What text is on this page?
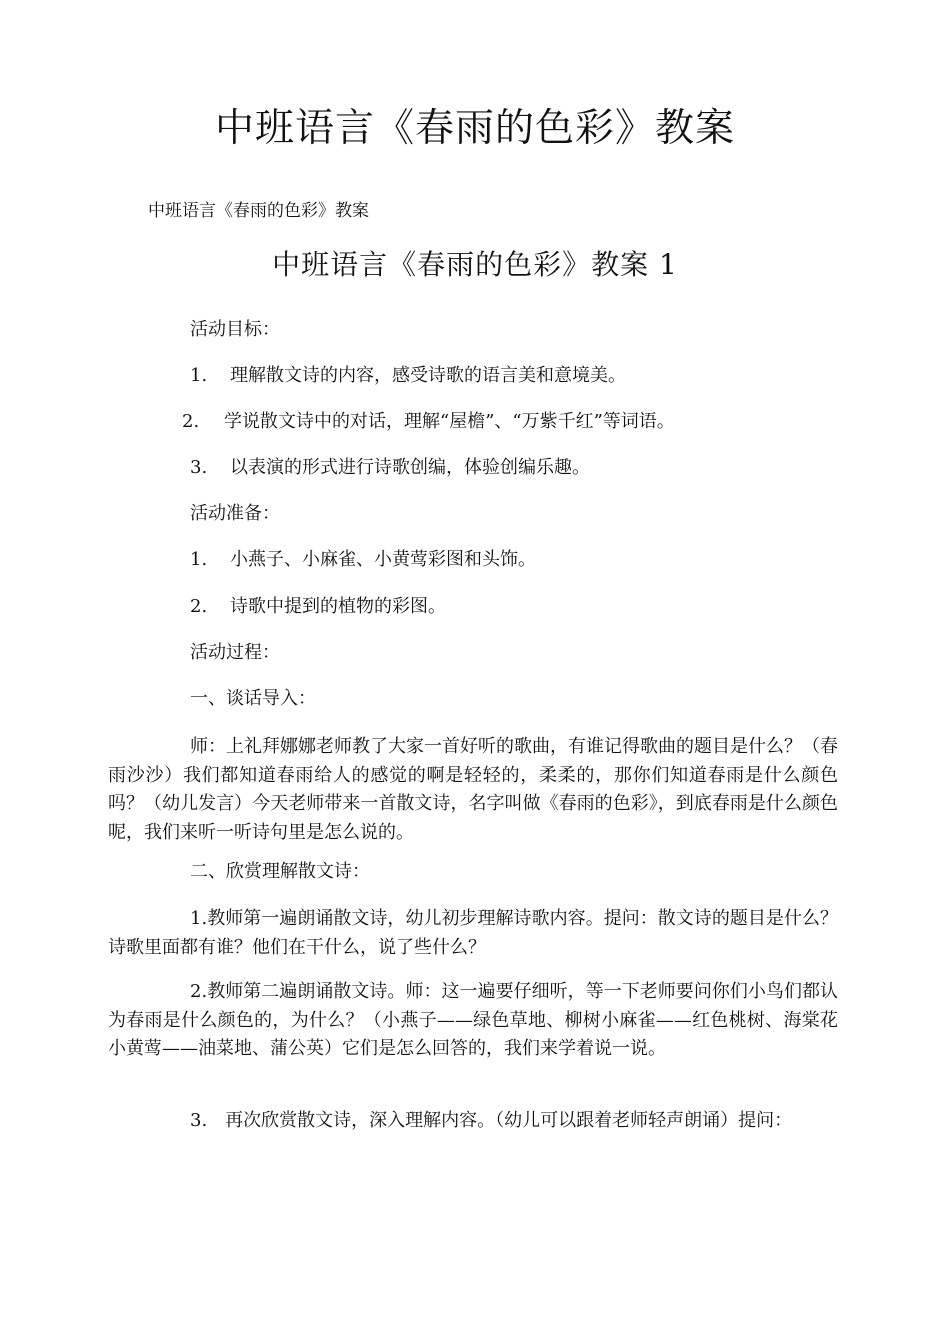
中班语言《春雨的色彩》教案
中班语言《春雨的色彩》教案
中班语言《春雨的色彩》教案 1
活动目标：
1. 理解散文诗的内容，感受诗歌的语言美和意境美。
2. 学说散文诗中的对话，理解“屋檐”、“万紫千红”等词语。
3. 以表演的形式进行诗歌创编，体验创编乐趣。
活动准备：
1. 小燕子、小麻雀、小黄莺彩图和头饰。
2. 诗歌中提到的植物的彩图。
活动过程：
一、谈话导入：
师：上礼拜娜娜老师教了大家一首好听的歌曲，有谁记得歌曲的题目是什么？（春雨沙沙）我们都知道春雨给人的感觉的啊是轻轻的，柔柔的，那你们知道春雨是什么颜色吗？（幼儿发言）今天老师带来一首散文诗，名字叫做《春雨的色彩》，到底春雨是什么颜色呢，我们来听一听诗句里是怎么说的。
二、欣赏理解散文诗：
1.教师第一遍朗诵散文诗，幼儿初步理解诗歌内容。提问：散文诗的题目是什么？诗歌里面都有谁？他们在干什么，说了些什么？
2.教师第二遍朗诵散文诗。师：这一遍要仔细听，等一下老师要问你们小鸟们都认为春雨是什么颜色的，为什么？（小燕子——绿色草地、柳树小麻雀——红色桃树、海棠花小黄莺——油菜地、蒲公英）它们是怎么回答的，我们来学着说一说。
3.　再次欣赏散文诗，深入理解内容。（幼儿可以跟着老师轻声朗诵）提问：
